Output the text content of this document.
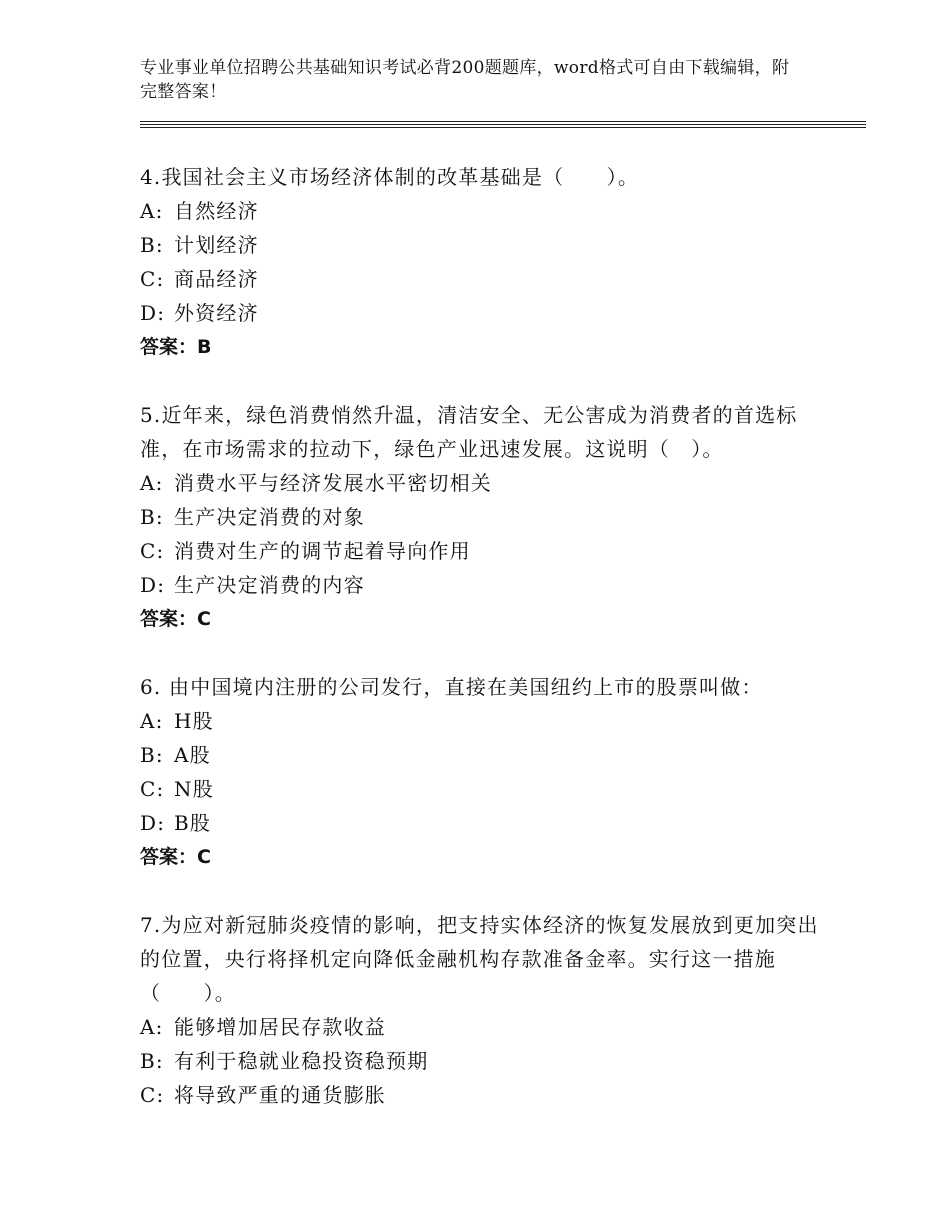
专业事业单位招聘公共基础知识考试必背200题题库，word格式可自由下载编辑，附完整答案！

4.我国社会主义市场经济体制的改革基础是（　　）。

A: 自然经济

B: 计划经济

C: 商品经济

D: 外资经济

答案：B

5.近年来，绿色消费悄然升温，清洁安全、无公害成为消费者的首选标准，在市场需求的拉动下，绿色产业迅速发展。这说明（　）。

A: 消费水平与经济发展水平密切相关

B: 生产决定消费的对象

C: 消费对生产的调节起着导向作用

D: 生产决定消费的内容

答案：C

6. 由中国境内注册的公司发行，直接在美国纽约上市的股票叫做：

A: H股

B: A股

C: N股

D: B股

答案：C

7.为应对新冠肺炎疫情的影响，把支持实体经济的恢复发展放到更加突出的位置，央行将择机定向降低金融机构存款准备金率。实行这一措施（　　）。

A: 能够增加居民存款收益

B: 有利于稳就业稳投资稳预期

C: 将导致严重的通货膨胀
